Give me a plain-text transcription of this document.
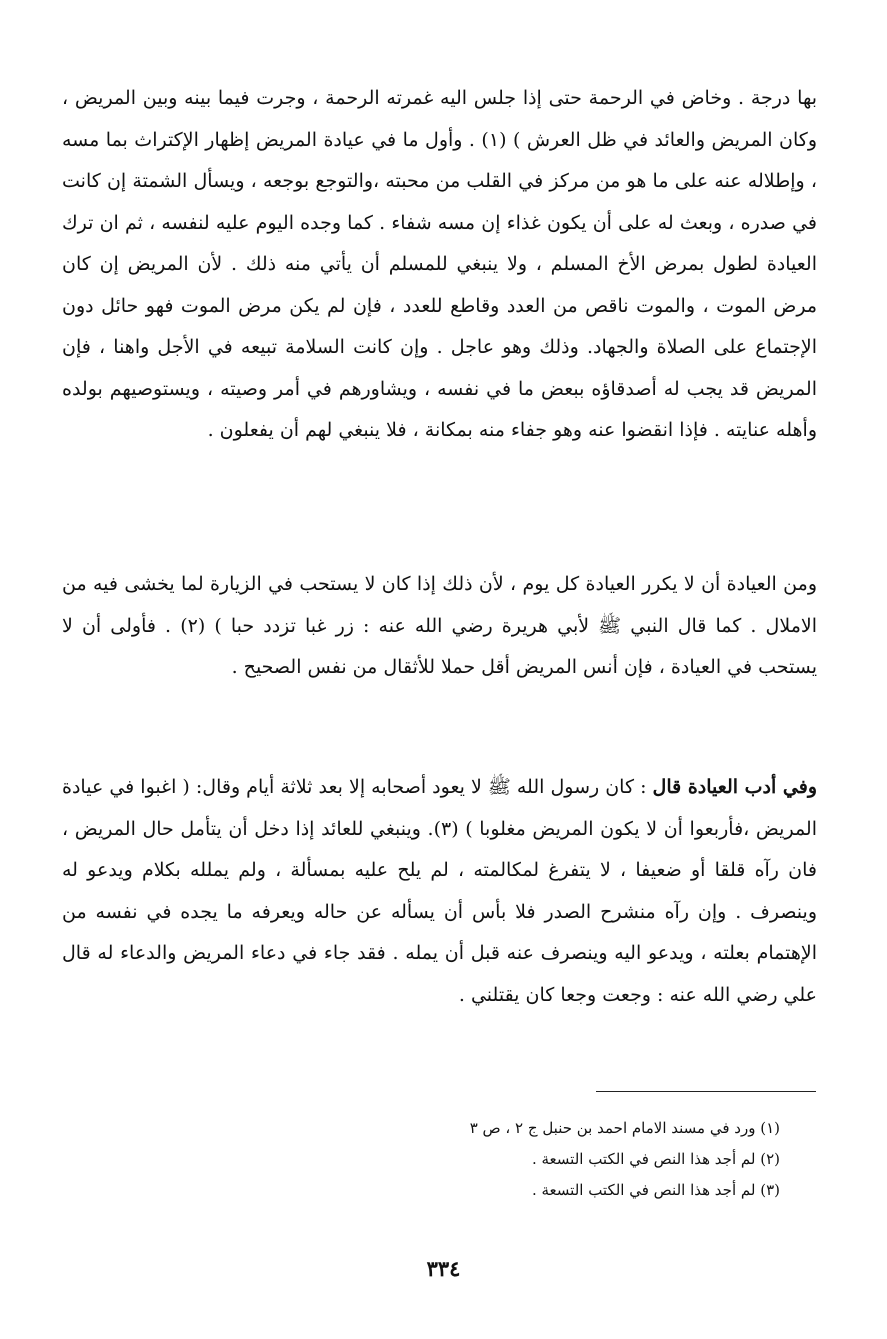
بها درجة . وخاض في الرحمة حتى إذا جلس اليه غمرته الرحمة ، وجرت فيما بينه وبين المريض ، وكان المريض والعائد في ظل العرش ) (١) . وأول ما في عيادة المريض إظهار الإكتراث بما مسه ، وإطلاله عنه على ما هو من مركز في القلب من محبته ،والتوجع بوجعه ، ويسأل الشمتة إن كانت في صدره ، وبعث له على أن يكون غذاء إن مسه شفاء . كما وجده اليوم عليه لنفسه ، ثم ان ترك العيادة لطول بمرض الأخ المسلم ، ولا ينبغي للمسلم أن يأتي منه ذلك . لأن المريض إن كان مرض الموت ، والموت ناقص من العدد وقاطع للعدد ، فإن لم يكن مرض الموت فهو حائل دون الإجتماع على الصلاة والجهاد. وذلك وهو عاجل . وإن كانت السلامة تبيعه في الأجل واهنا ، فإن المريض قد يجب له أصدقاؤه ببعض ما في نفسه ، ويشاورهم في أمر وصيته ، ويستوصيهم بولده وأهله عنايته . فإذا انقضوا عنه وهو جفاء منه بمكانة ، فلا ينبغي لهم أن يفعلون .

ومن العيادة أن لا يكرر العيادة كل يوم ، لأن ذلك إذا كان لا يستحب في الزيارة لما يخشى فيه من الاملال . كما قال النبي ﷺ لأبي هريرة رضي الله عنه : زر غبا تزدد حبا ) (٢) . فأولى أن لا يستحب في العيادة ، فإن أنس المريض أقل حملا للأثقال من نفس الصحيح .

وفي أدب العيادة قال : كان رسول الله ﷺ لا يعود أصحابه إلا بعد ثلاثة أيام وقال: ( اغبوا في عيادة المريض ،فأربعوا أن لا يكون المريض مغلوبا ) (٣). وينبغي للعائد إذا دخل أن يتأمل حال المريض ، فان رآه قلقا أو ضعيفا ، لا يتفرغ لمكالمته ، لم يلح عليه بمسألة ، ولم يملله بكلام ويدعو له وينصرف . وإن رآه منشرح الصدر فلا بأس أن يسأله عن حاله ويعرفه ما يجده في نفسه من الإهتمام بعلته ، ويدعو اليه وينصرف عنه قبل أن يمله . فقد جاء في دعاء المريض والدعاء له قال علي رضي الله عنه : وجعت وجعا كان يقتلني .

(١) ورد في مسند الامام احمد بن حنبل ج ٢ ، ص ٣
(٢) لم أجد هذا النص في الكتب التسعة .
(٣) لم أجد هذا النص في الكتب التسعة .
٣٣٤
